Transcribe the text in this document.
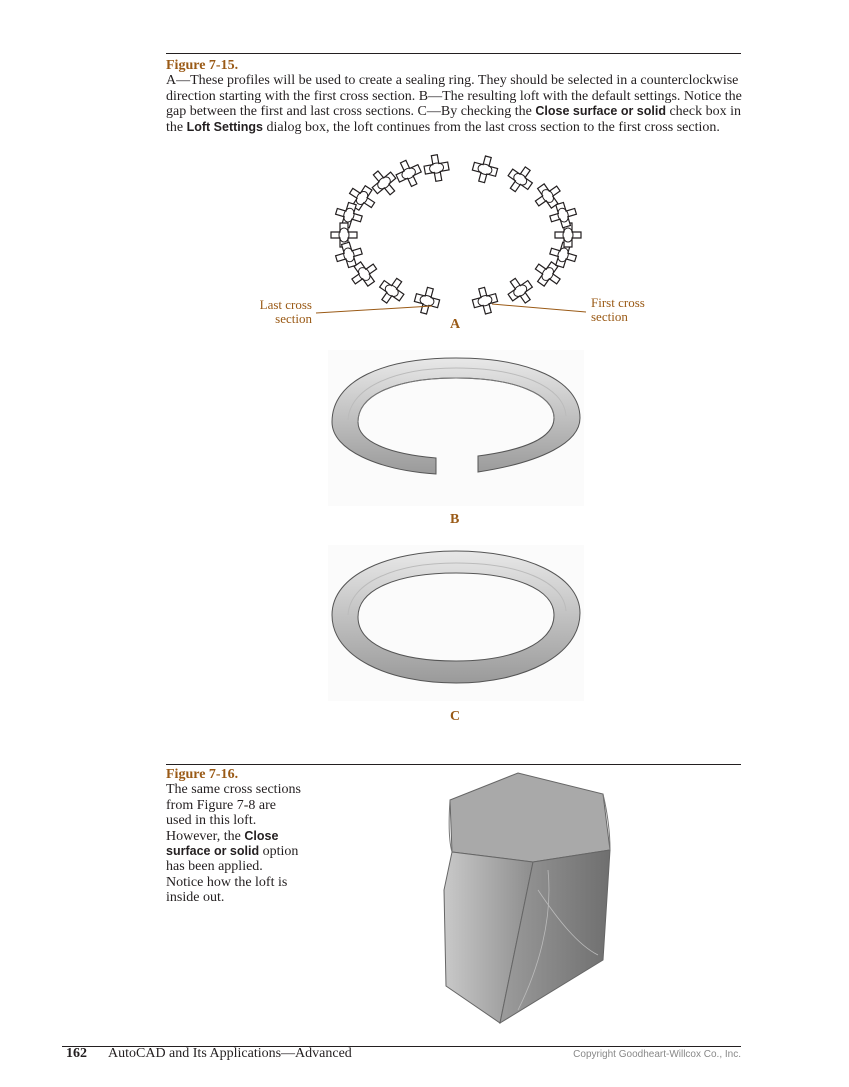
Figure 7-15.
A—These profiles will be used to create a sealing ring. They should be selected in a counterclockwise direction starting with the first cross section. B—The resulting loft with the default settings. Notice the gap between the first and last cross sections. C—By checking the Close surface or solid check box in the Loft Settings dialog box, the loft continues from the last cross section to the first cross section.
Last cross section
First cross section
A
B
C
Figure 7-16.
The same cross sections from Figure 7-8 are used in this loft. However, the Close surface or solid option has been applied. Notice how the loft is inside out.
162 AutoCAD and Its Applications—Advanced	Copyright Goodheart-Willcox Co., Inc.
